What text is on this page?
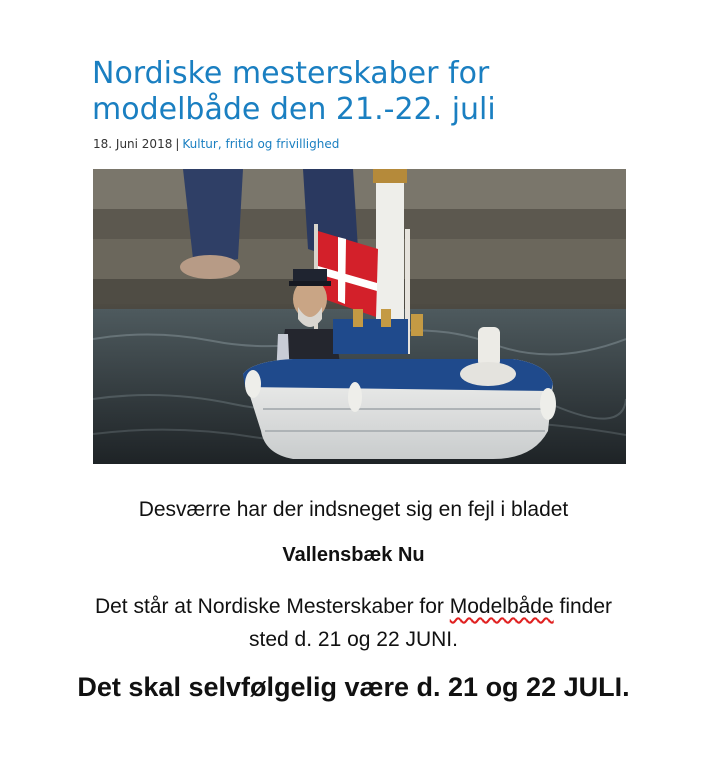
Nordiske mesterskaber for
modelbåde den 21.-22. juli
18. Juni 2018 | Kultur, fritid og frivillighed
Desværre har der indsneget sig en fejl i bladet
Vallensbæk Nu
Det står at Nordiske Mesterskaber for Modelbåde finder
sted d. 21 og 22 JUNI.
Det skal selvfølgelig være d. 21 og 22 JULI.
